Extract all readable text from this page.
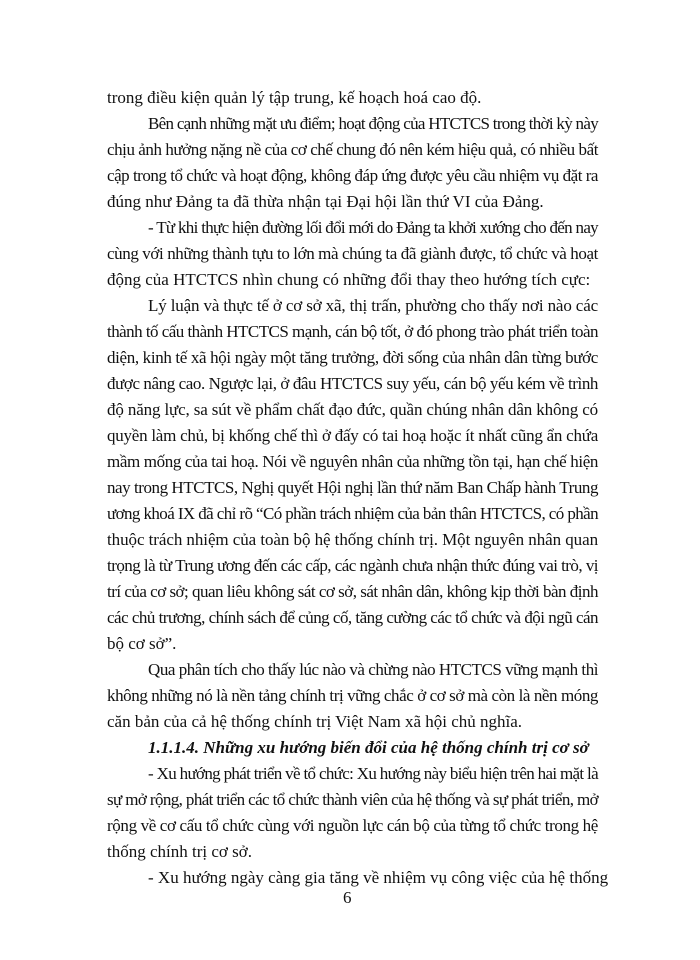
trong điều kiện quản lý tập trung, kế hoạch hoá cao độ.
Bên cạnh những mặt ưu điểm; hoạt động của HTCTCS trong thời kỳ này
chịu ảnh hưởng nặng nề của cơ chế chung đó nên kém hiệu quả, có nhiều bất
cập trong tổ chức và hoạt động, không đáp ứng được yêu cầu nhiệm vụ đặt ra
đúng như Đảng ta đã thừa nhận tại Đại hội lần thứ VI của Đảng.
- Từ khi thực hiện đường lối đổi mới do Đảng ta khởi xướng cho đến nay
cùng với những thành tựu to lớn mà chúng ta đã giành được, tổ chức và hoạt
động của HTCTCS nhìn chung có những đổi thay theo hướng tích cực:
Lý luận và thực tế ở cơ sở xã, thị trấn, phường cho thấy nơi nào các
thành tố cấu thành HTCTCS mạnh, cán bộ tốt, ở đó phong trào phát triển toàn
diện, kinh tế xã hội ngày một tăng trưởng, đời sống của nhân dân từng bước
được nâng cao. Ngược lại, ở đâu HTCTCS suy yếu, cán bộ yếu kém về trình
độ năng lực, sa sút về phẩm chất đạo đức, quần chúng nhân dân không có
quyền làm chủ, bị khống chế thì ở đấy có tai hoạ hoặc ít nhất cũng ẩn chứa
mầm mống của tai hoạ. Nói về nguyên nhân của những tồn tại, hạn chế hiện
nay trong HTCTCS, Nghị quyết Hội nghị lần thứ năm Ban Chấp hành Trung
ương khoá IX đã chỉ rõ “Có phần trách nhiệm của bản thân HTCTCS, có phần
thuộc trách nhiệm của toàn bộ hệ thống chính trị. Một nguyên nhân quan
trọng là từ Trung ương đến các cấp, các ngành chưa nhận thức đúng vai trò, vị
trí của cơ sở; quan liêu không sát cơ sở, sát nhân dân, không kịp thời bàn định
các chủ trương, chính sách để củng cố, tăng cường các tổ chức và đội ngũ cán
bộ cơ sở”.
Qua phân tích cho thấy lúc nào và chừng nào HTCTCS vững mạnh thì
không những nó là nền tảng chính trị vững chắc ở cơ sở mà còn là nền móng
căn bản của cả hệ thống chính trị Việt Nam xã hội chủ nghĩa.
1.1.1.4. Những xu hướng biến đổi của hệ thống chính trị cơ sở
- Xu hướng phát triển về tổ chức: Xu hướng này biểu hiện trên hai mặt là
sự mở rộng, phát triển các tổ chức thành viên của hệ thống và sự phát triển, mở
rộng về cơ cấu tổ chức cùng với nguồn lực cán bộ của từng tổ chức trong hệ
thống chính trị cơ sở.
- Xu hướng ngày càng gia tăng về nhiệm vụ công việc của hệ thống
6
